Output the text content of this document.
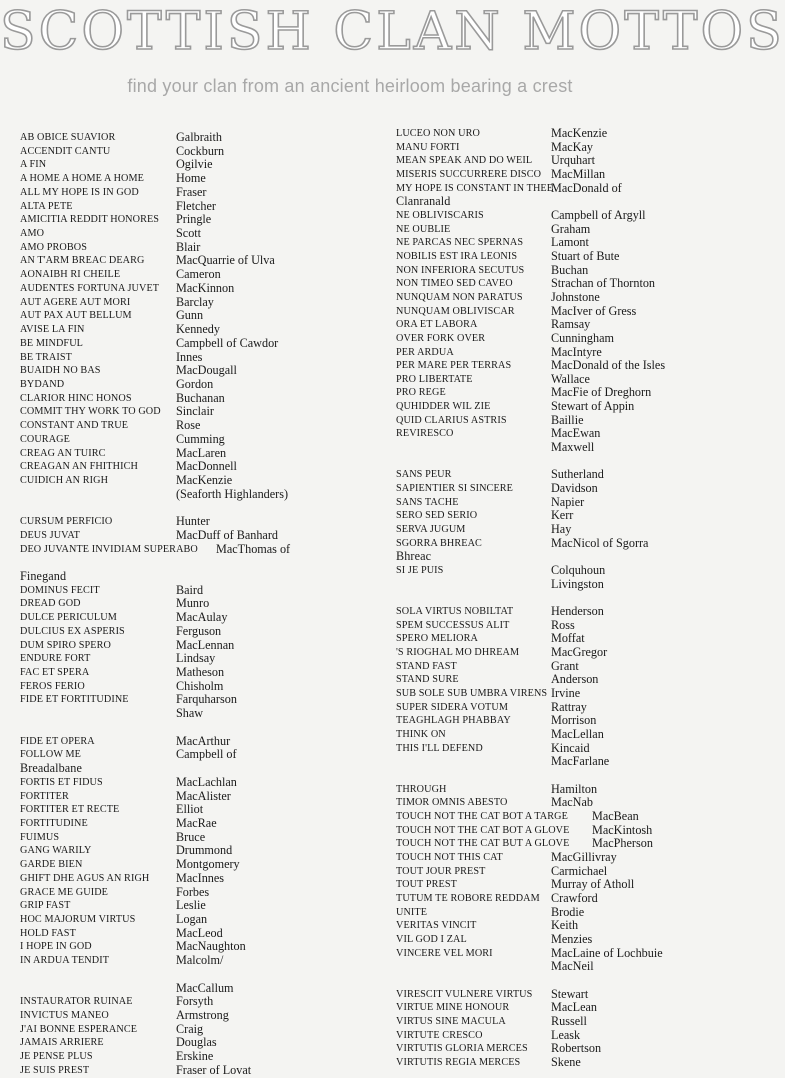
SCOTTISH CLAN MOTTOS
find your clan from an ancient heirloom bearing a crest
AB OBICE SUAVIOR	Galbraith
ACCENDIT CANTU	Cockburn
A FIN	Ogilvie
A HOME A HOME A HOME	Home
ALL MY HOPE IS IN GOD	Fraser
ALTA PETE	Fletcher
AMICITIA REDDIT HONORES Pringle
AMO	Scott
AMO PROBOS	Blair
AN T'ARM BREAC DEARG	MacQuarrie of Ulva
AONAIBH RI CHEILE	Cameron
AUDENTES FORTUNA JUVET MacKinnon
AUT AGERE AUT MORI	Barclay
AUT PAX AUT BELLUM	Gunn
AVISE LA FIN	Kennedy
BE MINDFUL	Campbell of Cawdor
BE TRAIST	Innes
BUAIDH NO BAS	MacDougall
BYDAND	Gordon
CLARIOR HINC HONOS	Buchanan
COMMIT THY WORK TO GOD Sinclair
CONSTANT AND TRUE	Rose
COURAGE	Cumming
CREAG AN TUIRC	MacLaren
CREAGAN AN FHITHICH	MacDonnell
CUIDICH AN RIGH	MacKenzie
(Seaforth Highlanders)
CURSUM PERFICIO	Hunter
DEUS JUVAT	MacDuff of Banhard
DEO JUVANTE INVIDIAM SUPERABO MacThomas of
Finegand
DOMINUS FECIT	Baird
DREAD GOD	Munro
DULCE PERICULUM	MacAulay
DULCIUS EX ASPERIS	Ferguson
DUM SPIRO SPERO	MacLennan
ENDURE FORT	Lindsay
FAC ET SPERA	Matheson
FEROS FERIO	Chisholm
FIDE ET FORTITUDINE	Farquharson
Shaw
FIDE ET OPERA	MacArthur
FOLLOW ME	Campbell of
Breadalbane
FORTIS ET FIDUS	MacLachlan
FORTITER	MacAlister
FORTITER ET RECTE	Elliot
FORTITUDINE	MacRae
FUIMUS	Bruce
GANG WARILY	Drummond
GARDE BIEN	Montgomery
GHIFT DHE AGUS AN RIGH MacInnes
GRACE ME GUIDE	Forbes
GRIP FAST	Leslie
HOC MAJORUM VIRTUS	Logan
HOLD FAST	MacLeod
I HOPE IN GOD	MacNaughton
IN ARDUA TENDIT	Malcolm/
MacCallum
INSTAURATOR RUINAE	Forsyth
INVICTUS MANEO	Armstrong
J'AI BONNE ESPERANCE	Craig
JAMAIS ARRIERE	Douglas
JE PENSE PLUS	Erskine
JE SUIS PREST	Fraser of Lovat
LUCEO NON URO	MacKenzie
MANU FORTI	MacKay
MEAN SPEAK AND DO WEIL Urquhart
MISERIS SUCCURRERE DISCO MacMillan
MY HOPE IS CONSTANT IN THEE
MacDonald of
Clanranald
NE OBLIVISCARIS	Campbell of Argyll
NE OUBLIE	Graham
NE PARCAS NEC SPERNAS Lamont
NOBILIS EST IRA LEONIS	Stuart of Bute
NON INFERIORA SECUTUS Buchan
NON TIMEO SED CAVEO	Strachan of Thornton
NUNQUAM NON PARATUS Johnstone
NUNQUAM OBLIVISCAR	MacIver of Gress
ORA ET LABORA	Ramsay
OVER FORK OVER	Cunningham
PER ARDUA	MacIntyre
PER MARE PER TERRAS	MacDonald of the Isles
PRO LIBERTATE	Wallace
PRO REGE	MacFie of Dreghorn
QUHIDDER WIL ZIE	Stewart of Appin
QUID CLARIUS ASTRIS	Baillie
REVIRESCO	MacEwan
Maxwell
SANS PEUR	Sutherland
SAPIENTIER SI SINCERE	Davidson
SANS TACHE	Napier
SERO SED SERIO	Kerr
SERVA JUGUM	Hay
SGORRA BHREAC	MacNicol of Sgorra
Bhreac
SI JE PUIS	Colquhoun
Livingston
SOLA VIRTUS NOBILTAT	Henderson
SPEM SUCCESSUS ALIT	Ross
SPERO MELIORA	Moffat
'S RIOGHAL MO DHREAM	MacGregor
STAND FAST	Grant
STAND SURE	Anderson
SUB SOLE SUB UMBRA VIRENS Irvine
SUPER SIDERA VOTUM	Rattray
TEAGHLAGH PHABBAY	Morrison
THINK ON	MacLellan
THIS I'LL DEFEND	Kincaid
MacFarlane
THROUGH	Hamilton
TIMOR OMNIS ABESTO	MacNab
TOUCH NOT THE CAT BOT A TARGE MacBean
TOUCH NOT THE CAT BOT A GLOVE MacKintosh
TOUCH NOT THE CAT BUT A GLOVE MacPherson
TOUCH NOT THIS CAT	MacGillivray
TOUT JOUR PREST	Carmichael
TOUT PREST	Murray of Atholl
TUTUM TE ROBORE REDDAM Crawford
UNITE	Brodie
VERITAS VINCIT	Keith
VIL GOD I ZAL	Menzies
VINCERE VEL MORI	MacLaine of Lochbuie
MacNeil
VIRESCIT VULNERE VIRTUS Stewart
VIRTUE MINE HONOUR	MacLean
VIRTUS SINE MACULA	Russell
VIRTUTE CRESCO	Leask
VIRTUTIS GLORIA MERCES Robertson
VIRTUTIS REGIA MERCES	Skene
